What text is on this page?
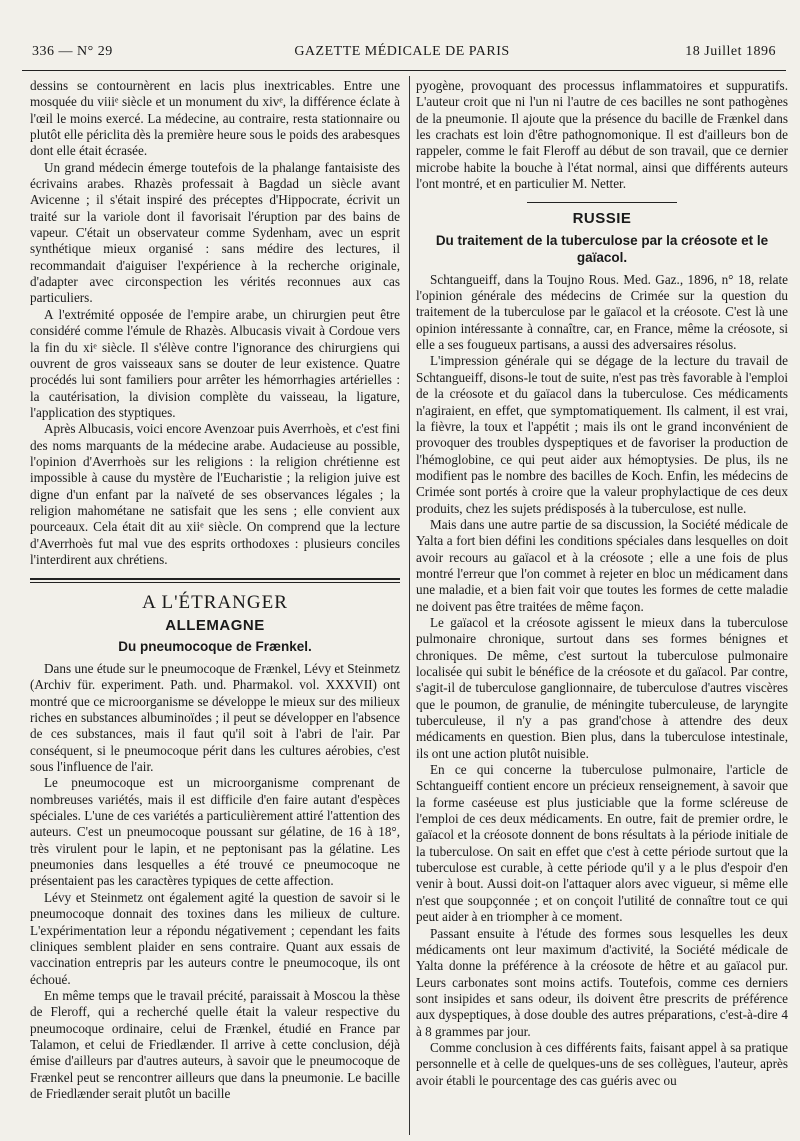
336 — N° 29	GAZETTE MÉDICALE DE PARIS	18 Juillet 1896

dessins se contournèrent en lacis plus inextricables. Entre une mosquée du viiiᵉ siècle et un monument du xivᵉ, la différence éclate à l'œil le moins exercé. La médecine, au contraire, resta stationnaire ou plutôt elle périclita dès la première heure sous le poids des arabesques dont elle était écrasée.

Un grand médecin émerge toutefois de la phalange fantaisiste des écrivains arabes. Rhazès professait à Bagdad un siècle avant Avicenne ; il s'était inspiré des préceptes d'Hippocrate, écrivit un traité sur la variole dont il favorisait l'éruption par des bains de vapeur. C'était un observateur comme Sydenham, avec un esprit synthétique mieux organisé : sans médire des lectures, il recommandait d'aiguiser l'expérience à la recherche originale, d'adapter avec circonspection les vérités reconnues aux cas particuliers.

A l'extrémité opposée de l'empire arabe, un chirurgien peut être considéré comme l'émule de Rhazès. Albucasis vivait à Cordoue vers la fin du xiᵉ siècle. Il s'élève contre l'ignorance des chirurgiens qui ouvrent de gros vaisseaux sans se douter de leur existence. Quatre procédés lui sont familiers pour arrêter les hémorrhagies artérielles : la cautérisation, la division complète du vaisseau, la ligature, l'application des styptiques.

Après Albucasis, voici encore Avenzoar puis Averrhoès, et c'est fini des noms marquants de la médecine arabe. Audacieuse au possible, l'opinion d'Averrhoès sur les religions : la religion chrétienne est impossible à cause du mystère de l'Eucharistie ; la religion juive est digne d'un enfant par la naïveté de ses observances légales ; la religion mahométane ne satisfait que les sens ; elle convient aux pourceaux. Cela était dit au xiiᵉ siècle. On comprend que la lecture d'Averrhoès fut mal vue des esprits orthodoxes : plusieurs conciles l'interdirent aux chrétiens.

A L'ÉTRANGER
ALLEMAGNE
Du pneumocoque de Frænkel.

Dans une étude sur le pneumocoque de Frænkel, Lévy et Steinmetz (Archiv für. experiment. Path. und. Pharmakol. vol. XXXVII) ont montré que ce microorganisme se développe le mieux sur des milieux riches en substances albuminoïdes ; il peut se développer en l'absence de ces substances, mais il faut qu'il soit à l'abri de l'air. Par conséquent, si le pneumocoque périt dans les cultures aérobies, c'est sous l'influence de l'air.

Le pneumocoque est un microorganisme comprenant de nombreuses variétés, mais il est difficile d'en faire autant d'espèces spéciales. L'une de ces variétés a particulièrement attiré l'attention des auteurs. C'est un pneumocoque poussant sur gélatine, de 16 à 18°, très virulent pour le lapin, et ne peptonisant pas la gélatine. Les pneumonies dans lesquelles a été trouvé ce pneumocoque ne présentaient pas les caractères typiques de cette affection.

Lévy et Steinmetz ont également agité la question de savoir si le pneumocoque donnait des toxines dans les milieux de culture. L'expérimentation leur a répondu négativement ; cependant les faits cliniques semblent plaider en sens contraire. Quant aux essais de vaccination entrepris par les auteurs contre le pneumocoque, ils ont échoué.

En même temps que le travail précité, paraissait à Moscou la thèse de Fleroff, qui a recherché quelle était la valeur respective du pneumocoque ordinaire, celui de Frænkel, étudié en France par Talamon, et celui de Friedlænder. Il arrive à cette conclusion, déjà émise d'ailleurs par d'autres auteurs, à savoir que le pneumocoque de Frænkel peut se rencontrer ailleurs que dans la pneumonie. Le bacille de Friedlænder serait plutôt un bacille

pyogène, provoquant des processus inflammatoires et suppuratifs. L'auteur croit que ni l'un ni l'autre de ces bacilles ne sont pathogènes de la pneumonie. Il ajoute que la présence du bacille de Frænkel dans les crachats est loin d'être pathognomonique. Il est d'ailleurs bon de rappeler, comme le fait Fleroff au début de son travail, que ce dernier microbe habite la bouche à l'état normal, ainsi que différents auteurs l'ont montré, et en particulier M. Netter.

RUSSIE
Du traitement de la tuberculose par la créosote et le gaïacol.

Schtangueiff, dans la Toujno Rous. Med. Gaz., 1896, n° 18, relate l'opinion générale des médecins de Crimée sur la question du traitement de la tuberculose par le gaïacol et la créosote. C'est là une opinion intéressante à connaître, car, en France, même la créosote, si elle a ses fougueux partisans, a aussi des adversaires résolus.

L'impression générale qui se dégage de la lecture du travail de Schtangueiff, disons-le tout de suite, n'est pas très favorable à l'emploi de la créosote et du gaïacol dans la tuberculose. Ces médicaments n'agiraient, en effet, que symptomatiquement. Ils calment, il est vrai, la fièvre, la toux et l'appétit ; mais ils ont le grand inconvénient de provoquer des troubles dyspeptiques et de favoriser la production de l'hémoglobine, ce qui peut aider aux hémoptysies. De plus, ils ne modifient pas le nombre des bacilles de Koch. Enfin, les médecins de Crimée sont portés à croire que la valeur prophylactique de ces deux produits, chez les sujets prédisposés à la tuberculose, est nulle.

Mais dans une autre partie de sa discussion, la Société médicale de Yalta a fort bien défini les conditions spéciales dans lesquelles on doit avoir recours au gaïacol et à la créosote ; elle a une fois de plus montré l'erreur que l'on commet à rejeter en bloc un médicament dans une maladie, et a bien fait voir que toutes les formes de cette maladie ne doivent pas être traitées de même façon.

Le gaïacol et la créosote agissent le mieux dans la tuberculose pulmonaire chronique, surtout dans ses formes bénignes et chroniques. De même, c'est surtout la tuberculose pulmonaire localisée qui subit le bénéfice de la créosote et du gaïacol. Par contre, s'agit-il de tuberculose ganglionnaire, de tuberculose d'autres viscères que le poumon, de granulie, de méningite tuberculeuse, de laryngite tuberculeuse, il n'y a pas grand'chose à attendre des deux médicaments en question. Bien plus, dans la tuberculose intestinale, ils ont une action plutôt nuisible.

En ce qui concerne la tuberculose pulmonaire, l'article de Schtangueiff contient encore un précieux renseignement, à savoir que la forme caséeuse est plus justiciable que la forme scléreuse de l'emploi de ces deux médicaments. En outre, fait de premier ordre, le gaïacol et la créosote donnent de bons résultats à la période initiale de la tuberculose. On sait en effet que c'est à cette période surtout que la tuberculose est curable, à cette période qu'il y a le plus d'espoir d'en venir à bout. Aussi doit-on l'attaquer alors avec vigueur, si même elle n'est que soupçonnée ; et on conçoit l'utilité de connaître tout ce qui peut aider à en triompher à ce moment.

Passant ensuite à l'étude des formes sous lesquelles les deux médicaments ont leur maximum d'activité, la Société médicale de Yalta donne la préférence à la créosote de hêtre et au gaïacol pur. Leurs carbonates sont moins actifs. Toutefois, comme ces derniers sont insipides et sans odeur, ils doivent être prescrits de préférence aux dyspeptiques, à dose double des autres préparations, c'est-à-dire 4 à 8 grammes par jour.

Comme conclusion à ces différents faits, faisant appel à sa pratique personnelle et à celle de quelques-uns de ses collègues, l'auteur, après avoir établi le pourcentage des cas guéris avec ou
